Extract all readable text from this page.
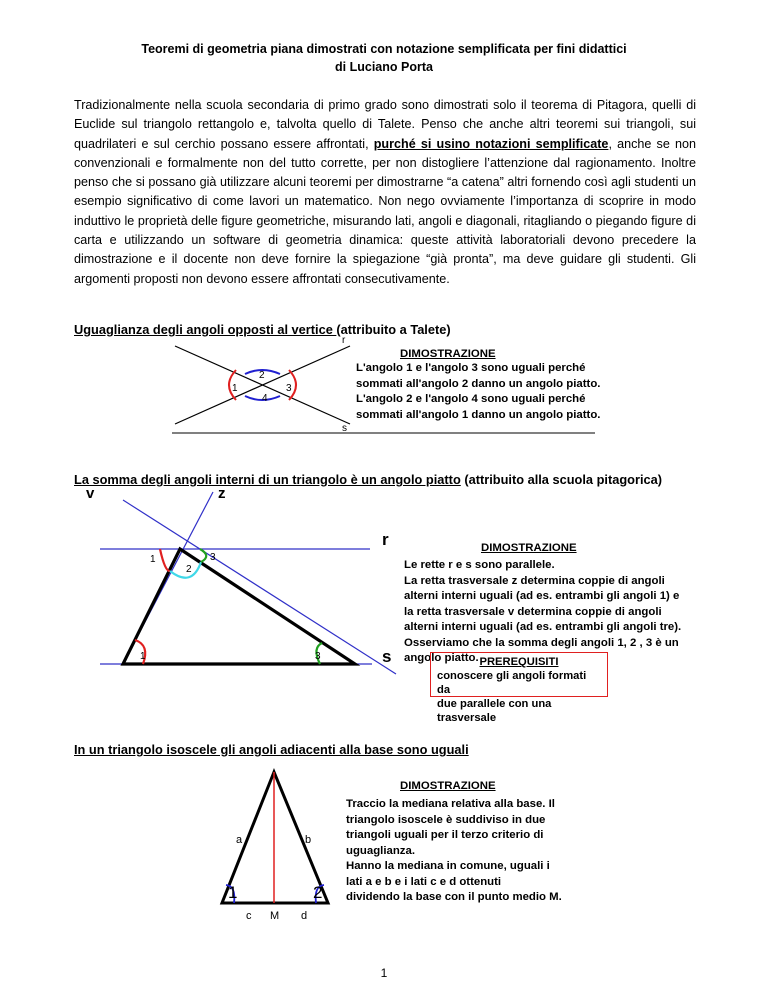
Teoremi di geometria piana dimostrati con notazione semplificata per fini didattici
di Luciano Porta
Tradizionalmente nella scuola secondaria di primo grado sono dimostrati solo il teorema di Pitagora, quelli di Euclide sul triangolo rettangolo e, talvolta quello di Talete. Penso che anche altri teoremi sui triangoli, sui quadrilateri e sul cerchio possano essere affrontati, purché si usino notazioni semplificate, anche se non convenzionali e formalmente non del tutto corrette, per non distogliere l’attenzione dal ragionamento. Inoltre penso che si possano già utilizzare alcuni teoremi per dimostrarne “a catena” altri fornendo così agli studenti un esempio significativo di come lavori un matematico. Non nego ovviamente l’importanza di scoprire in modo induttivo le proprietà delle figure geometriche, misurando lati, angoli e diagonali, ritagliando o piegando figure di carta e utilizzando un software di geometria dinamica: queste attività laboratoriali devono precedere la dimostrazione e il docente non deve fornire la spiegazione “già pronta”, ma deve guidare gli studenti. Gli argomenti proposti non devono essere affrontati consecutivamente.
Uguaglianza degli angoli opposti al vertice (attribuito a Talete)
r
s
1
2
3
4
DIMOSTRAZIONE
L'angolo 1 e l'angolo 3 sono uguali perché
sommati all'angolo 2 danno un angolo piatto.
L'angolo 2 e l'angolo 4 sono uguali perché
sommati all'angolo 1 danno un angolo piatto.
La somma degli angoli interni di un triangolo è un angolo piatto (attribuito alla scuola pitagorica)
v	z
r
s
1
2
3
1	3
DIMOSTRAZIONE
Le rette r e s sono parallele.
La retta trasversale z determina coppie di angoli
alterni interni uguali (ad es. entrambi gli angoli 1) e
la retta trasversale v determina coppie di angoli
alterni interni uguali (ad es. entrambi gli angoli tre).
Osserviamo che la somma degli angoli 1, 2 , 3 è un
angolo piatto. PREREQUISITI
conoscere gli angoli formati da
due parallele con una trasversale
In un triangolo isoscele gli angoli adiacenti alla base sono uguali
a	b
1	2
c M d
DIMOSTRAZIONE
Traccio la mediana relativa alla base. Il
triangolo isoscele è suddiviso in due
triangoli uguali per il terzo criterio di
uguaglianza.
Hanno la mediana in comune, uguali i
lati a e b e i lati c e d ottenuti
dividendo la base con il punto medio M.
1
